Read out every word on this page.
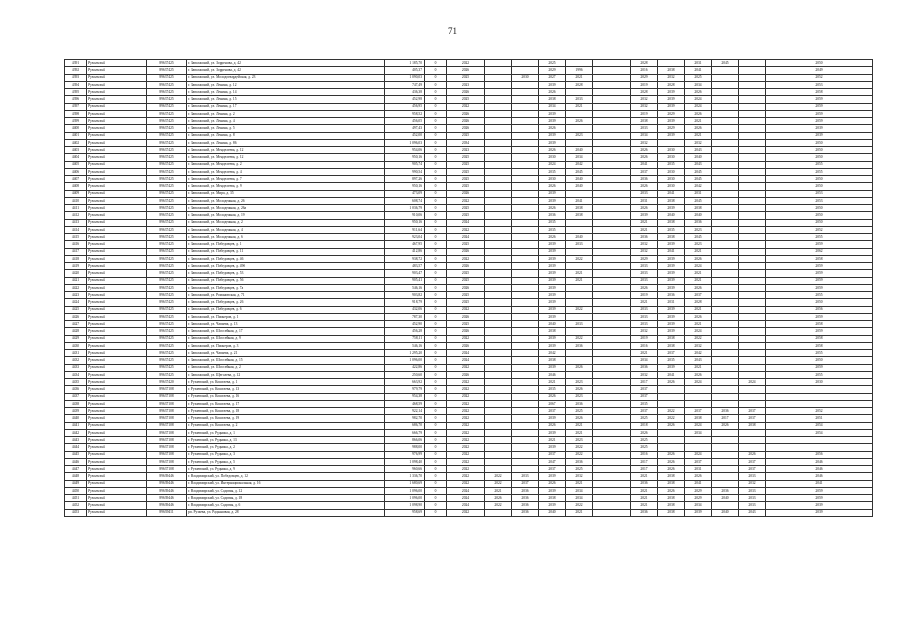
71
4391	Рузаевский	89637425	г. Заволжский, ул. Зорренова, д. 42	1 185,70	0	2022			2025			2028		2031	2045		2050
4392	Рузаевский	89637425	г. Заволжский, ул. Зорренова, д. 42	405,37	0	2026			2029	1996		2016	2038	2041			2049
4393	Рузаевский	89637425	г. Заволжский, ул. Молодогвардейская, д. 23	1 090,03	0	2025		2030	2027	2021		2029	2032	2025			2052
4394	Рузаевский	89637425	г. Заволжский, ул. Ленина, д. 12	747,49	0	2023			2039	2028		2019	2028	2034			2053
4395	Рузаевский	89637425	г. Заволжский, ул. Ленина, д. 14	436,38	0	2026			2026			2028	2039	2026			2058
4396	Рузаевский	89637425	г. Заволжский, ул. Ленина, д. 15	452,98	0	2025			2038	2033		2032	2039	2024			2059
4397	Рузаевский	89637425	г. Заволжский, ул. Ленина, д. 17	456,95	0	2022			2034	2021		2032	2039	2024			2059
4398	Рузаевский	89637425	г. Заволжский, ул. Ленина, д. 2	958,52	0	2026			2039			2019	2029	2026			2059
4399	Рузаевский	89637425	г. Заволжский, ул. Ленина, д. 4	456,05	0	2026			2039	2026		2038	2039	2021			2059
4400	Рузаевский	89637425	г. Заволжский, ул. Ленина, д. 5	497,43	0	2026			2026			2033	2029	2026			2039
4401	Рузаевский	89637425	г. Заволжский, ул. Ленина, д. 8	452,00	0	2025			2039	2023		2034	2039	2021			2039
4402	Рузаевский	89637425	г. Заволжский, ул. Ленина, д. 86	1 096,03	0	2034			2039			2032		2032			2050
4403	Рузаевский	89637425	г. Заволжский, ул. Менделеева, д. 12	954,06	0	2023			2026	2040		2026	2030	2043			2050
4404	Рузаевский	89637425	г. Заволжский, ул. Менделеева, д. 12	950,16	0	2025			2030	2034		2026	2030	2040			2050
4405	Рузаевский	89637425	г. Заволжский, ул. Менделеева, д. 2	905,74	0	2025			2024	2042		2041	2035	2043			2055
4406	Рузаевский	89637425	г. Заволжский, ул. Менделеева, д. 4	990,54	0	2025			2035	2045		2037	2030	2045			2055
4407	Рузаевский	89637425	г. Заволжский, ул. Менделеева, д. 7	897,26	0	2025			2030	2040		2036	2030	2045			2050
4408	Рузаевский	89637425	г. Заволжский, ул. Менделеева, д. 9	950,16	0	2025			2026	2040		2026	2030	2042			2050
4409	Рузаевский	89637425	г. Заволжский, ул. Мира, д. 35	473,09	0	2026			2039			2033	2041	2031			2053
4410	Рузаевский	89637425	г. Заволжский, ул. Молодежная, д. 26	608,74	0	2022			2039	2041		2031	2038	2045			2053
4411	Рузаевский	89637425	г. Заволжский, ул. Молодежная, д. 26а	1 036,79	0	2025			2026	2038		2026	2039	2038			2050
4412	Рузаевский	89637425	г. Заволжский, ул. Молодежная, д. 19	910,06	0	2025			2036	2038		2039	2040	2040			2050
4413	Рузаевский	89637425	г. Заволжский, ул. Молодежная, д. 2	950,16	0	2024			2035			2021	2038	2036			2050
4414	Рузаевский	89637425	г. Заволжский, ул. Молодежная, д. 4	911,64	0	2022			2035			2021	2035	2023			2052
4415	Рузаевский	89637425	г. Заволжский, ул. Молодежная, д. 6	923,04	0	2024			2026	2040		2036	2038	2045			2055
4416	Рузаевский	89637425	г. Заволжский, ул. Победовцев, д. 1	467,95	0	2025			2039	2033		2032	2039	2023			2059
4417	Рузаевский	89637425	г. Заволжский, ул. Победовцев, д. 11	412,86	0	2026			2039			2032	2041	2021			2062
4418	Рузаевский	89637425	г. Заволжский, ул. Победовцев, д. 46	938,72	0	2022			2039	2022		2029	2039	2026			2058
4419	Рузаевский	89637425	г. Заволжский, ул. Победовцев, д. 49б	483,57	0	2026			2039			2033	2039	2024			2059
4420	Рузаевский	89637425	г. Заволжский, ул. Победовцев, д. 53	903,47	0	2025			2039	2021		2033	2039	2021			2059
4421	Рузаевский	89637425	г. Заволжский, ул. Победовцев, д. 56	905,41	0	2025			2039	2021		2033	2039	2021			2059
4422	Рузаевский	89637425	г. Заволжский, ул. Победовцев, д. 7а	546,16	0	2026			2039			2026	2039	2026			2059
4423	Рузаевский	89637425	г. Заволжский, ул. Романовская, д. 71	903,82	0	2025			2039			2019	2036	2037			2055
4424	Рузаевский	89637425	г. Заволжский, ул. Победовцев, д. 26	918,79	0	2025			2039			2021	2031	2028			2050
4425	Рузаевский	89637425	г. Заволжский, ул. Победовцев, д. 6	432,06	0	2022			2039	2022		2033	2039	2021			2056
4426	Рузаевский	89637425	г. Заволжский, ул. Пионеров, д. 1	787,30	0	2026			2039			2033	2039	2026			2059
4427	Рузаевский	89637425	г. Заволжский, ул. Чапаева, д. 13	452,90	0	2025			2040	2033		2033	2039	2021			2058
4428	Рузаевский	89637425	г. Заволжский, ул. Шоссейная, д. 17	456,28	0	2026			2038			2032	2039	2024			2059
4429	Рузаевский	89637425	г. Заволжский, ул. Шоссейная, д. 9	758,11	0	2022			2039	2022		2019	2038	2022			2058
4430	Рузаевский	89637425	г. Заволжский, ул. Пионеров, д. 3	546,16	0	2026			2039	2036		2016	2038	2032			2058
4431	Рузаевский	89637425	г. Заволжский, ул. Чапаева, д. 21	1 295,20	0	2024			2042			2021	2037	2042			2055
4432	Рузаевский	89637425	г. Заволжский, ул. Шоссейная, д. 15	1 096,00	0	2024			2038			2034	2035	2043			2050
4433	Рузаевский	89637425	г. Заволжский, ул. Шоссейная, д. 2	422,86	0	2022			2039	2026		2036	2039	2021			2059
4434	Рузаевский	89637425	г. Заволжский, ул. Щеголева, д. 12	250,60	0	2026			2046			2032	2041	2026			2055
4435	Рузаевский	89637420	г. Рузаевский, ул. Кошелева, д. 1	663,92	0	2022			2021	2023		2017	2026	2024		2024	2030
4436	Рузаевский	89637108	г. Рузаевский, ул. Кошелева, д. 13	979,79	0	2022			2035	2026		2037					
4437	Рузаевский	89637108	г. Рузаевский, ул. Кошелева, д. 16	954,38	0	2022			2026	2023		2037					
4438	Рузаевский	89637108	г. Рузаевский, ул. Кошелева, д. 17	468,59	0	2022			2067	2036		2035					
4439	Рузаевский	89637108	г. Рузаевский, ул. Кошелева, д. 18	922,14	0	2022			2037	2025		2037	2022	2037	2036	2037	2052
4440	Рузаевский	89637108	г. Рузаевский, ул. Кошелева, д. 19	982,70	0	2022			2039	2026		2025	2022	2038	2017	2037	2051
4441	Рузаевский	89637108	г. Рузаевский, ул. Кошелева, д. 2	686,70	0	2022			2026	2021		2018	2026	2024	2026	2038	2054
4442	Рузаевский	89637108	г. Рузаевский, ул. Рудника, д. 1	666,79	0	2022			2039	2021		2026		2034			2054
4443	Рузаевский	89637108	г. Рузаевский, ул. Рудника, д. 13	866,06	0	2022			2021	2023		2025					
4444	Рузаевский	89637108	г. Рузаевский, ул. Рудника, д. 2	988,00	0	2022			2039	2022		2025					
4445	Рузаевский	89637108	г. Рузаевский, ул. Рудника, д. 3	976,99	0	2022			2037	2022		2016	2026	2024		2026	2056
4446	Рузаевский	89637108	г. Рузаевский, ул. Рудника, д. 5	1 098,40	0	2022			2047	2036		2017	2026	2037		2037	2046
4447	Рузаевский	89637108	г. Рузаевский, ул. Рудника, д. 9	960,66	0	2022			2037	2025		2017	2026	2031		2037	2046
4448	Рузаевский	89639446	г. Владимирский, ул. Победовцев, д. 12	1 336,70	0	2022	2022	2033	2039	2032		2021	2038	2026		2033	2046
4449	Рузаевский	89639446	г. Владимирский, ул. Интернациональная, д. 16	1 680,69	0	2022	2022	2037	2026	2021		2036	2038	2041		2032	2041
4450	Рузаевский	89639446	г. Владимирский, ул. Садовая, д. 12	1 096,00	0	2024	2021	2036	2039	2034		2021	2026	2029	2036	2033	2059
4451	Рузаевский	89639446	г. Владимирский, ул. Садовая, д. 18	1 096,00	0	2024	2026	2036	2038	2034		2021	2038	2029	2040	2033	2059
4452	Рузаевский	89639446	г. Владимирский, ул. Садовая, д. 6	1 098,90	0	2024	2022	2036	2039	2022		2021	2038	2034		2033	2039
4453	Рузаевский	89639411	рп. Рузаева, ул. Радьяновая, д. 28	958,69	0	2022		2036	2040	2021		2036	2038	2039	2040	2043	2039
